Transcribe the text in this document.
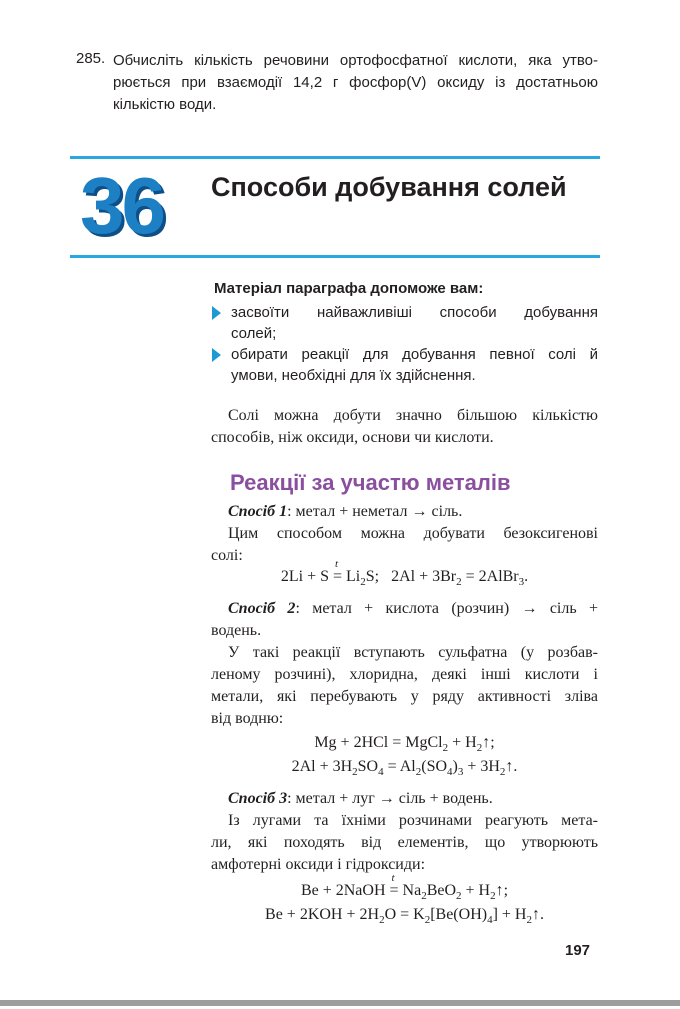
285. Обчисліть кількість речовини ортофосфатної кислоти, яка утво-
рюється при взаємодії 14,2 г фосфор(V) оксиду із достатньою
кількістю води.
36 Способи добування солей
Матеріал параграфа допоможе вам:
засвоїти найважливіші способи добування
солей;
обирати реакції для добування певної солі й
умови, необхідні для їх здійснення.
Солі можна добути значно більшою кількістю
способів, ніж оксиди, основи чи кислоти.
Реакції за участю металів
Спосіб 1: метал + неметал → сіль.
Цим способом можна добувати безоксигенові
солі:
2Li + S =
t
$Li_2S$;   $2Al + 3Br_2$ = 2AlBr$_3$.
Спосіб 2: метал + кислота (розчин) → сіль +
водень.
У такі реакції вступають сульфатна (у розбав-
леному розчині), хлоридна, деякі інші кислоти і
метали, які перебувають у ряду активності зліва
від водню:
Mg + 2HCl = MgCl$_2$ + $H_2↑$;
$2Al + 3H_2SO_4 = Al_2(SO_4)_3$ + $3H_2↑$.
Спосіб 3: метал + луг → сіль + водень.
Із лугами та їхніми розчинами реагують мета-
ли, які походять від елементів, що утворюють
амфотерні оксиди і гідроксиди:
Be + 2NaOH =
t
$Na_2BeO_2$ + $H_2↑$;
$Be + 2KOH + 2H_2O = K_2[Be(OH)_4]$ + $H_2↑$.
197
